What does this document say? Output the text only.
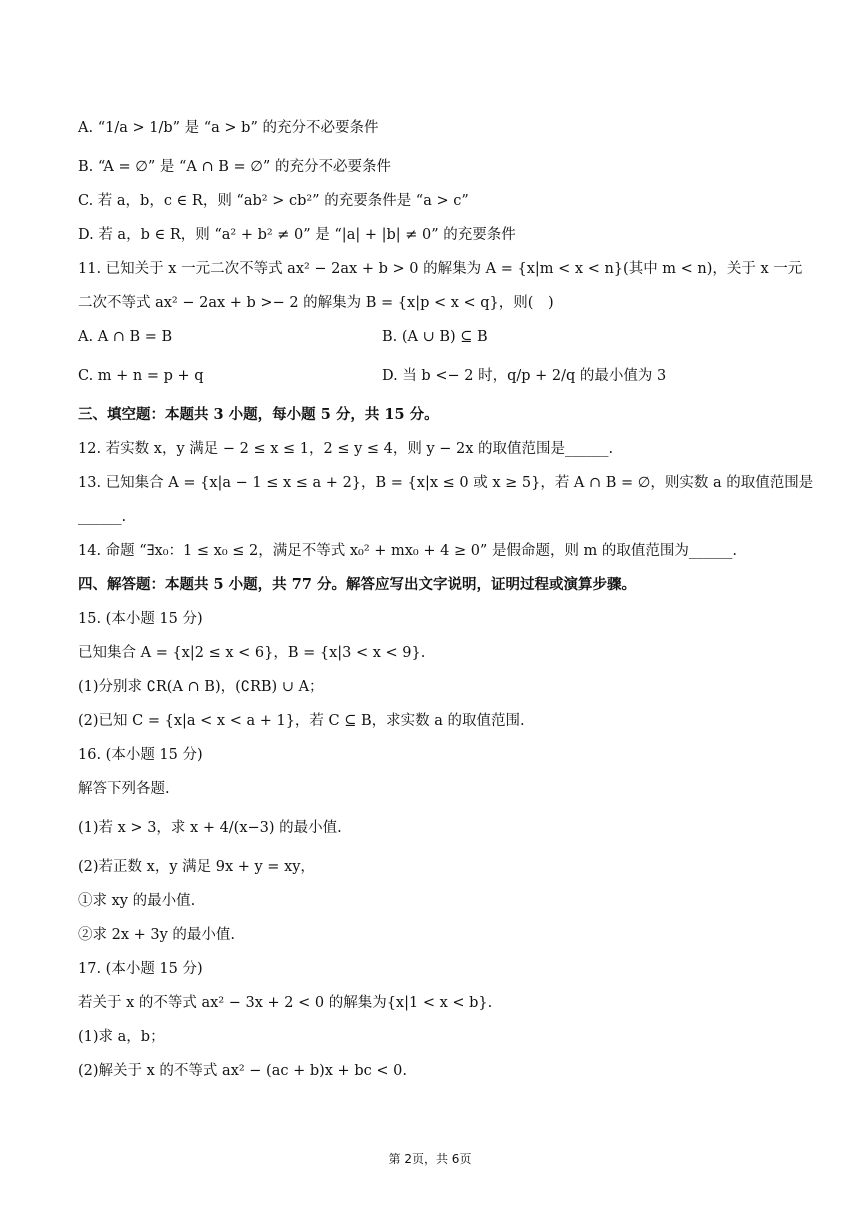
A. “1/a > 1/b” 是 “a > b” 的充分不必要条件
B. “A = ∅” 是 “A ∩ B = ∅” 的充分不必要条件
C. 若 a，b，c ∈ R，则 “ab² > cb²” 的充要条件是 “a > c”
D. 若 a，b ∈ R，则 “a² + b² ≠ 0” 是 “|a| + |b| ≠ 0” 的充要条件
11. 已知关于 x 一元二次不等式 ax² − 2ax + b > 0 的解集为 A = {x|m < x < n}(其中 m < n)，关于 x 一元
二次不等式 ax² − 2ax + b >− 2 的解集为 B = {x|p < x < q}，则(　)
A. A ∩ B = B	B. (A ∪ B) ⊆ B
C. m + n = p + q	D. 当 b <− 2 时，q/p + 2/q 的最小值为 3
三、填空题：本题共 3 小题，每小题 5 分，共 15 分。
12. 若实数 x，y 满足 − 2 ≤ x ≤ 1，2 ≤ y ≤ 4，则 y − 2x 的取值范围是______.
13. 已知集合 A = {x|a − 1 ≤ x ≤ a + 2}，B = {x|x ≤ 0 或 x ≥ 5}，若 A ∩ B = ∅，则实数 a 的取值范围是
______.
14. 命题 “∃x₀：1 ≤ x₀ ≤ 2，满足不等式 x₀² + mx₀ + 4 ≥ 0” 是假命题，则 m 的取值范围为______.
四、解答题：本题共 5 小题，共 77 分。解答应写出文字说明，证明过程或演算步骤。
15. (本小题 15 分)
已知集合 A = {x|2 ≤ x < 6}，B = {x|3 < x < 9}.
(1)分别求 ∁R(A ∩ B)，(∁RB) ∪ A；
(2)已知 C = {x|a < x < a + 1}，若 C ⊆ B，求实数 a 的取值范围.
16. (本小题 15 分)
解答下列各题.
(1)若 x > 3，求 x + 4/(x−3) 的最小值.
(2)若正数 x，y 满足 9x + y = xy，
①求 xy 的最小值.
②求 2x + 3y 的最小值.
17. (本小题 15 分)
若关于 x 的不等式 ax² − 3x + 2 < 0 的解集为{x|1 < x < b}.
(1)求 a，b；
(2)解关于 x 的不等式 ax² − (ac + b)x + bc < 0.
第 2页，共 6页
